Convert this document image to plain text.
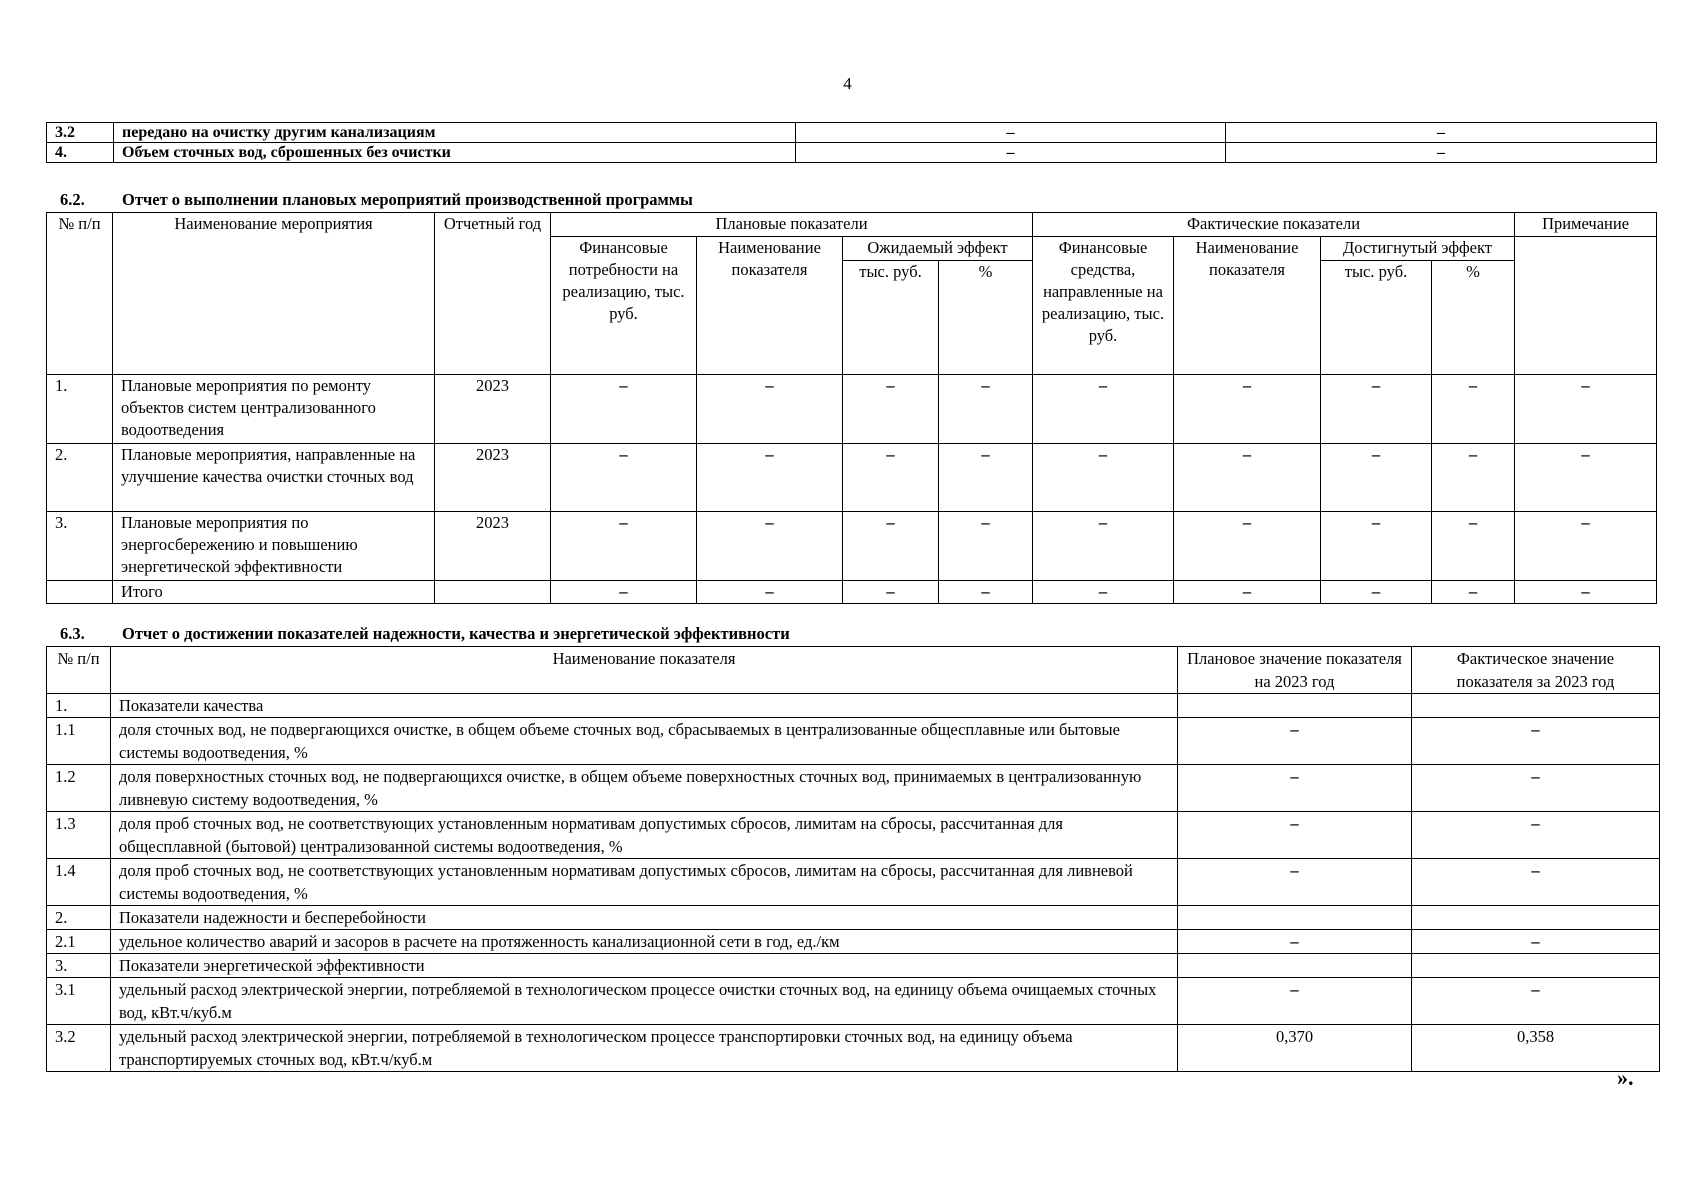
4
3.2	передано на очистку другим канализациям	–	–
4.	Объем сточных вод, сброшенных без очистки	–	–
6.2. Отчет о выполнении плановых мероприятий производственной программы
№ п/п	Наименование мероприятия	Отчетный год	Плановые показатели				Фактические показатели				Примечание
			Финансовые потребности на реализацию, тыс. руб.	Наименование показателя	Ожидаемый эффект		Финансовые средства, направленные на реализацию, тыс. руб.	Наименование показателя	Достигнутый эффект		
					тыс. руб.	%			тыс. руб.	%	
1.	Плановые мероприятия по ремонту объектов систем централизованного водоотведения	2023	–	–	–	–	–	–	–	–	–
2.	Плановые мероприятия, направленные на улучшение качества очистки сточных вод	2023	–	–	–	–	–	–	–	–	–
3.	Плановые мероприятия по энергосбережению и повышению энергетической эффективности	2023	–	–	–	–	–	–	–	–	–
	Итого		–	–	–	–	–	–	–	–	–
6.3. Отчет о достижении показателей надежности, качества и энергетической эффективности
№ п/п	Наименование показателя	Плановое значение показателя на 2023 год	Фактическое значение показателя за 2023 год
1.	Показатели качества		
1.1	доля сточных вод, не подвергающихся очистке, в общем объеме сточных вод, сбрасываемых в централизованные общесплавные или бытовые системы водоотведения, %	–	–
1.2	доля поверхностных сточных вод, не подвергающихся очистке, в общем объеме поверхностных сточных вод, принимаемых в централизованную ливневую систему водоотведения, %	–	–
1.3	доля проб сточных вод, не соответствующих установленным нормативам допустимых сбросов, лимитам на сбросы, рассчитанная для общесплавной (бытовой) централизованной системы водоотведения, %	–	–
1.4	доля проб сточных вод, не соответствующих установленным нормативам допустимых сбросов, лимитам на сбросы, рассчитанная для ливневой системы водоотведения, %	–	–
2.	Показатели надежности и бесперебойности		
2.1	удельное количество аварий и засоров в расчете на протяженность канализационной сети в год, ед./км	–	–
3.	Показатели энергетической эффективности		
3.1	удельный расход электрической энергии, потребляемой в технологическом процессе очистки сточных вод, на единицу объема очищаемых сточных вод, кВт.ч/куб.м	–	–
3.2	удельный расход электрической энергии, потребляемой в технологическом процессе транспортировки сточных вод, на единицу объема транспортируемых сточных вод, кВт.ч/куб.м	0,370	0,358
».
